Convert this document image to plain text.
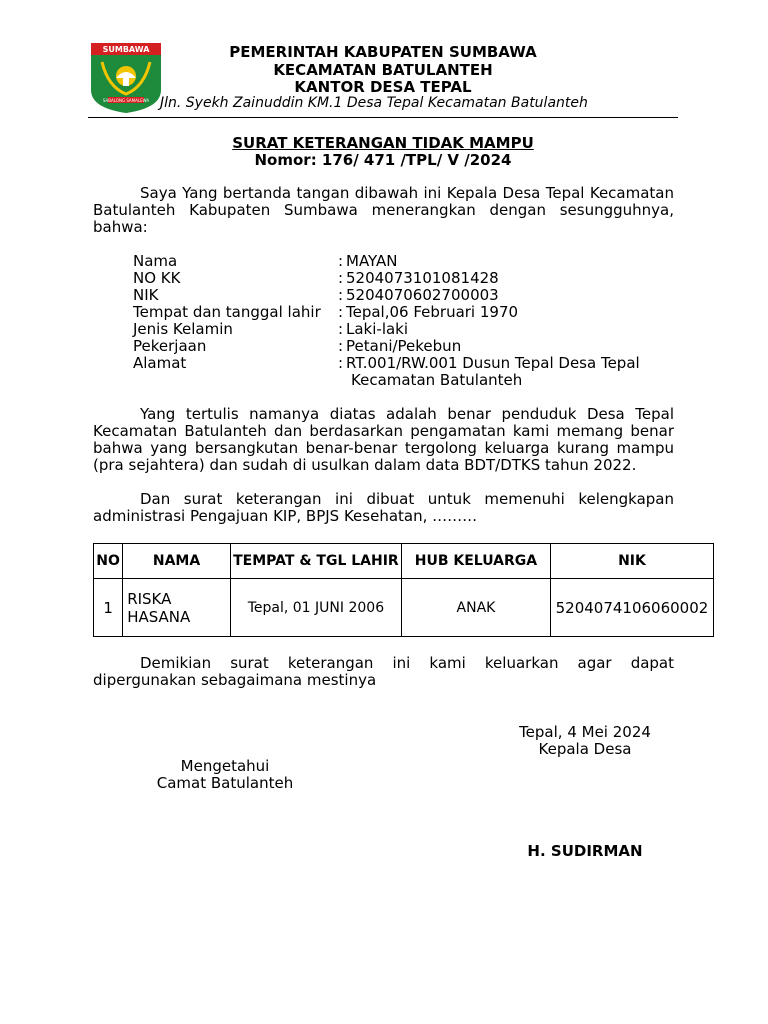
SUMBAWA
SABALONG SAMALEWA
PEMERINTAH KABUPATEN SUMBAWA
KECAMATAN BATULANTEH
KANTOR DESA TEPAL
Jln. Syekh Zainuddin KM.1 Desa Tepal Kecamatan Batulanteh
SURAT KETERANGAN TIDAK MAMPU
Nomor: 176/ 471 /TPL/ V /2024
Saya Yang bertanda tangan dibawah ini Kepala Desa Tepal Kecamatan Batulanteh Kabupaten Sumbawa menerangkan dengan sesungguhnya, bahwa:
Nama	: MAYAN
NO KK	: 5204073101081428
NIK	: 5204070602700003
Tempat dan tanggal lahir	: Tepal,06 Februari 1970
Jenis Kelamin	: Laki-laki
Pekerjaan	: Petani/Pekebun
Alamat	: RT.001/RW.001 Dusun Tepal Desa Tepal Kecamatan Batulanteh
Yang tertulis namanya diatas adalah benar penduduk Desa Tepal Kecamatan Batulanteh dan berdasarkan pengamatan kami memang benar bahwa yang bersangkutan benar-benar tergolong keluarga kurang mampu (pra sejahtera) dan sudah di usulkan dalam data BDT/DTKS tahun 2022.
Dan surat keterangan ini dibuat untuk memenuhi kelengkapan administrasi Pengajuan KIP, BPJS Kesehatan, ………
NO	NAMA	TEMPAT & TGL LAHIR	HUB KELUARGA	NIK
1	RISKA HASANA	Tepal, 01 JUNI 2006	ANAK	5204074106060002
Demikian surat keterangan ini kami keluarkan agar dapat dipergunakan sebagaimana mestinya
Tepal, 4 Mei 2024
Kepala Desa
H. SUDIRMAN
Mengetahui
Camat Batulanteh
